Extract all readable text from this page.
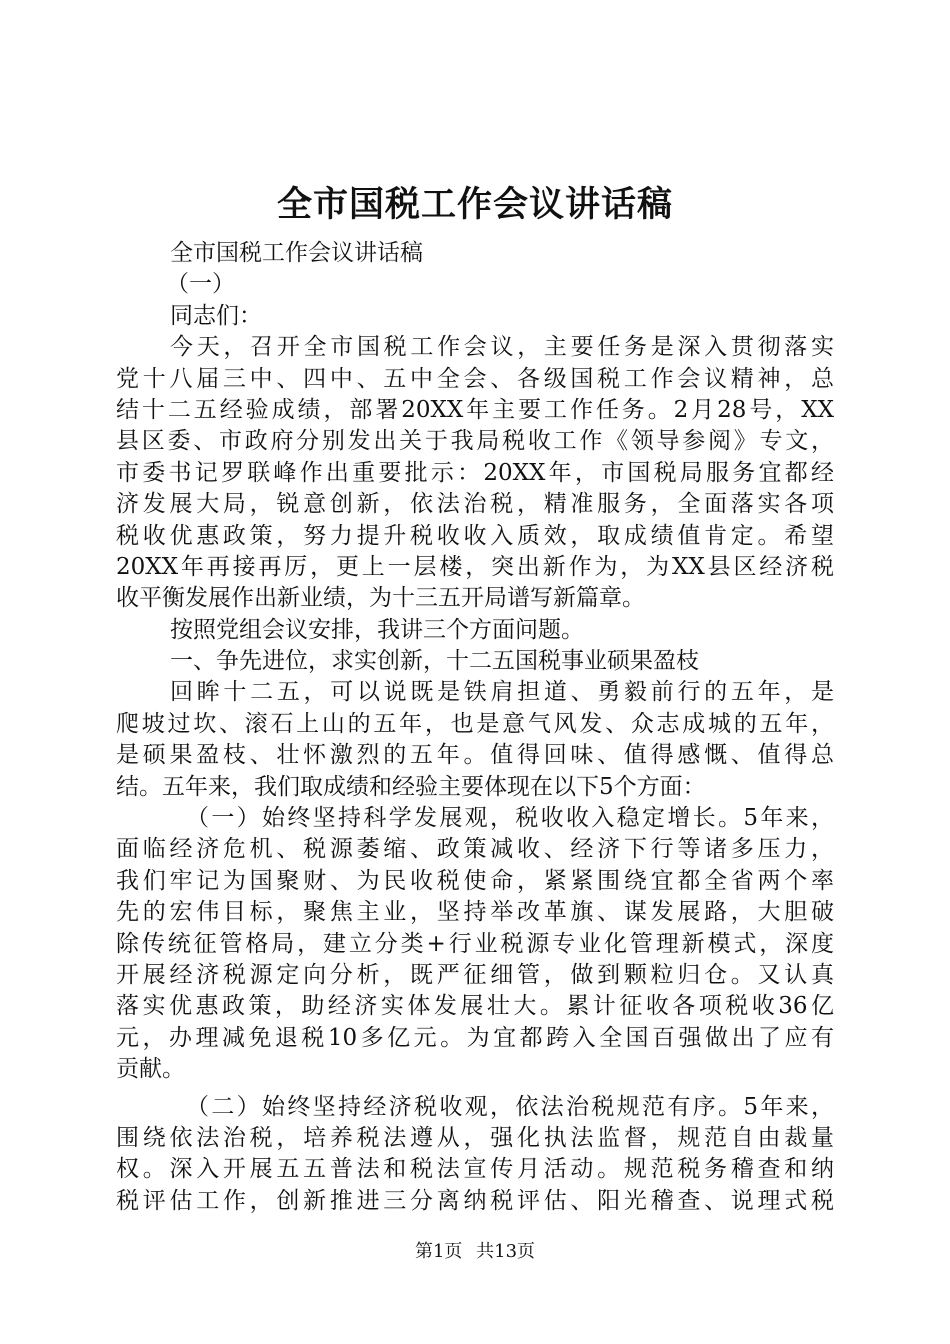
全市国税工作会议讲话稿
全市国税工作会议讲话稿
（一）
同志们：
今天，召开全市国税工作会议，主要任务是深入贯彻落实
党十八届三中、四中、五中全会、各级国税工作会议精神，总
结十二五经验成绩，部署20XX年主要工作任务。2月28号，XX
县区委、市政府分别发出关于我局税收工作《领导参阅》专文，
市委书记罗联峰作出重要批示：20XX年，市国税局服务宜都经
济发展大局，锐意创新，依法治税，精准服务，全面落实各项
税收优惠政策，努力提升税收收入质效，取成绩值肯定。希望
20XX年再接再厉，更上一层楼，突出新作为，为XX县区经济税
收平衡发展作出新业绩，为十三五开局谱写新篇章。
按照党组会议安排，我讲三个方面问题。
一、争先进位，求实创新，十二五国税事业硕果盈枝
回眸十二五，可以说既是铁肩担道、勇毅前行的五年，是
爬坡过坎、滚石上山的五年，也是意气风发、众志成城的五年，
是硕果盈枝、壮怀激烈的五年。值得回味、值得感慨、值得总
结。五年来，我们取成绩和经验主要体现在以下5个方面：
（一）始终坚持科学发展观，税收收入稳定增长。5年来，
面临经济危机、税源萎缩、政策减收、经济下行等诸多压力，
我们牢记为国聚财、为民收税使命，紧紧围绕宜都全省两个率
先的宏伟目标，聚焦主业，坚持举改革旗、谋发展路，大胆破
除传统征管格局，建立分类+行业税源专业化管理新模式，深度
开展经济税源定向分析，既严征细管，做到颗粒归仓。又认真
落实优惠政策，助经济实体发展壮大。累计征收各项税收36亿
元，办理减免退税10多亿元。为宜都跨入全国百强做出了应有
贡献。
（二）始终坚持经济税收观，依法治税规范有序。5年来，
围绕依法治税，培养税法遵从，强化执法监督，规范自由裁量
权。深入开展五五普法和税法宣传月活动。规范税务稽查和纳
税评估工作，创新推进三分离纳税评估、阳光稽查、说理式税
第1页 共13页
